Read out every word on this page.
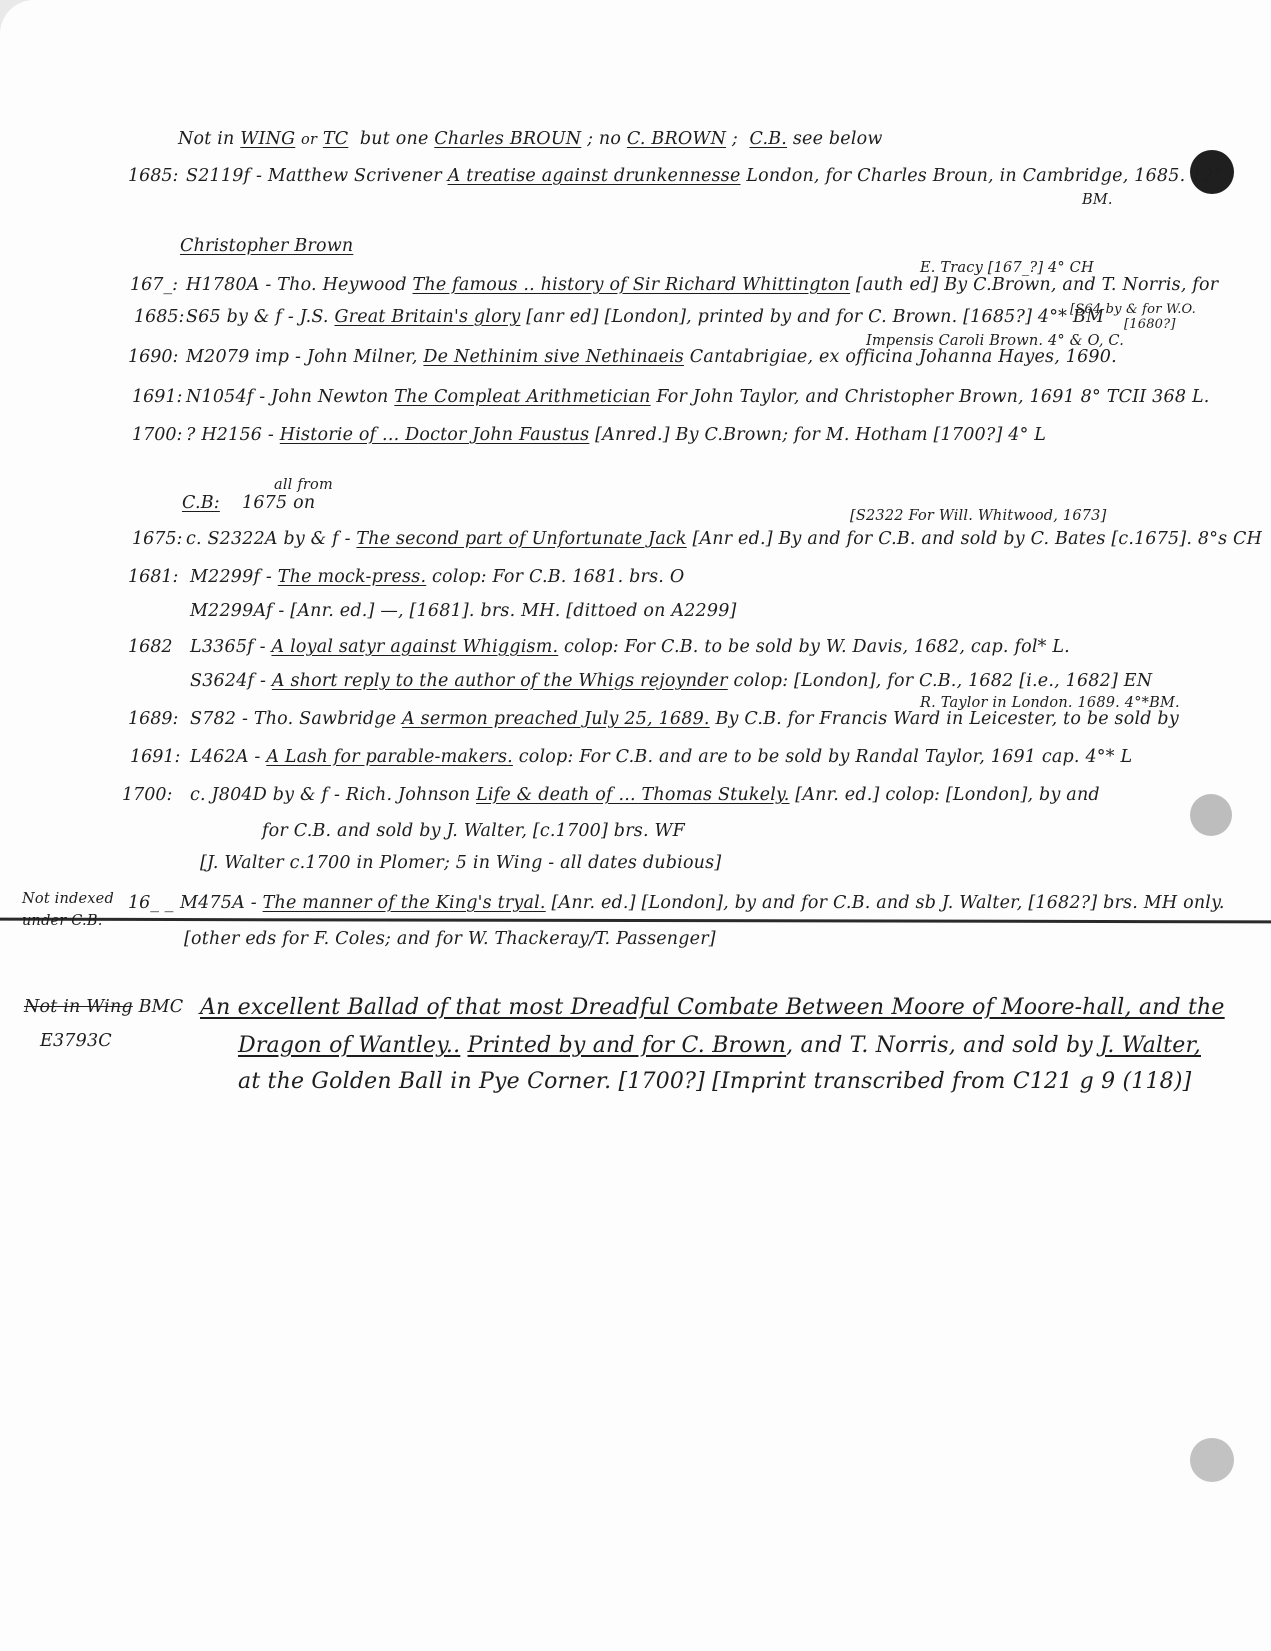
Not in WING or TC but one Charles BROUN ; no C. BROWN ; C.B. see below
1685: S2119f - Matthew Scrivener A treatise against drunkennesse London, for Charles Broun, in Cambridge, 1685. 12°
BM.
Christopher Brown
E. Tracy [167_?] 4° CH
167_: H1780A - Tho. Heywood The famous .. history of Sir Richard Whittington [auth ed] By C.Brown, and T. Norris, for
[S64 by & for W.O.
[1680?]
1685: S65 by & f - J.S. Great Britain's glory [anr ed] [London], printed by and for C. Brown. [1685?] 4°* BM
Impensis Caroli Brown. 4° & O, C.
1690: M2079 imp - John Milner, De Nethinim sive Nethinaeis Cantabrigiae, ex officina Johanna Hayes, 1690.
1691: N1054f - John Newton The Compleat Arithmetician For John Taylor, and Christopher Brown, 1691 8° TCII 368 L.
1700: ? H2156 - Historie of ... Doctor John Faustus [Anred.] By C.Brown; for M. Hotham [1700?] 4° L
all from
C.B: 1675 on
[S2322 For Will. Whitwood, 1673]
1675: c. S2322A by & f - The second part of Unfortunate Jack [Anr ed.] By and for C.B. and sold by C. Bates [c.1675]. 8°s CH
1681: M2299f - The mock-press. colop: For C.B. 1681. brs. O
M2299Af - [Anr. ed.] —, [1681]. brs. MH. [dittoed on A2299]
1682 L3365f - A loyal satyr against Whiggism. colop: For C.B. to be sold by W. Davis, 1682, cap. fol* L.
S3624f - A short reply to the author of the Whigs rejoynder colop: [London], for C.B., 1682 [i.e., 1682] EN
R. Taylor in London. 1689. 4°*BM.
1689: S782 - Tho. Sawbridge A sermon preached July 25, 1689. By C.B. for Francis Ward in Leicester, to be sold by
1691: L462A - A Lash for parable-makers. colop: For C.B. and are to be sold by Randal Taylor, 1691 cap. 4°* L
1700: c. J804D by & f - Rich. Johnson Life & death of ... Thomas Stukely. [Anr. ed.] colop: [London], by and
for C.B. and sold by J. Walter, [c.1700] brs. WF
[J. Walter c.1700 in Plomer; 5 in Wing - all dates dubious]
Not indexed
under C.B.
16_ _ M475A - The manner of the King's tryal. [Anr. ed.] [London], by and for C.B. and sb J. Walter, [1682?] brs. MH only.
[other eds for F. Coles; and for W. Thackeray/T. Passenger]
Not in Wing BMC
E3793C
An excellent Ballad of that most Dreadful Combate Between Moore of Moore-hall, and the
Dragon of Wantley.. Printed by and for C. Brown, and T. Norris, and sold by J. Walter,
at the Golden Ball in Pye Corner. [1700?] [Imprint transcribed from C121 g 9 (118)]
